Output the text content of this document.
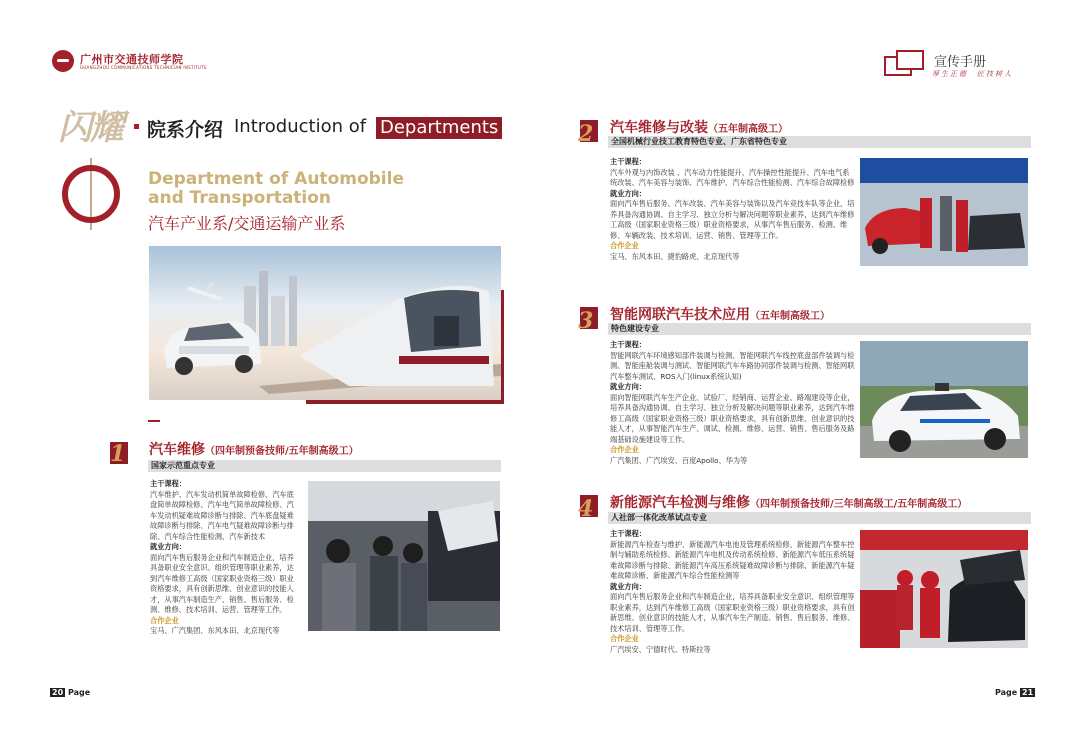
广州市交通技师学院
GUANGZHOU COMMUNICATIONS TECHNICIAN INSTITUTE	宣传手册
厚生正德　匠技树人
闪耀 院系介绍 Introduction of Departments
Department of Automobile
and Transportation
汽车产业系/交通运输产业系
1 汽车维修（四年制预备技师/五年制高级工）
国家示范重点专业
主干课程：
汽车维护、汽车发动机简单故障检修、汽车底盘简单故障检修、汽车电气简单故障检修、汽车发动机疑难故障诊断与排除、汽车底盘疑难故障诊断与排除、汽车电气疑难故障诊断与排除、汽车综合性能检测、汽车新技术
就业方向：
面向汽车售后服务企业和汽车制造企业，培养具备职业安全意识、组织管理等职业素养，达到汽车维修工高级（国家职业资格三级）职业资格要求，具有创新思维、创业意识的技能人才，从事汽车制造生产、销售、售后服务、检测、维修、技术培训、运营、管理等工作。
合作企业
宝马、广汽集团、东风本田、北京现代等
2 汽车维修与改装（五年制高级工）
全国机械行业技工教育特色专业、广东省特色专业
主干课程：
汽车外观与内饰改装 、汽车动力性能提升、汽车操控性能提升、汽车电气系统改装、汽车美容与装饰、汽车维护、汽车综合性能检测、汽车综合故障检修
就业方向：
面向汽车售后服务、汽车改装、汽车美容与装饰以及汽车竞技车队等企业，培养具备沟通协调、自主学习、独立分析与解决问题等职业素养，达到汽车维修工高级（国家职业资格三级）职业资格要求，从事汽车售后服务、检测、维修、车辆改装、技术培训、运营、销售、管理等工作。
合作企业
宝马、东风本田、捷豹路虎、北京现代等
3 智能网联汽车技术应用（五年制高级工）
特色建设专业
主干课程：
智能网联汽车环境感知部件装调与检测、智能网联汽车线控底盘部件装调与检测、智能座舱装调与测试、智能网联汽车车路协同部件装调与检测、智能网联汽车整车测试、ROS入门(linux系统认知)
就业方向：
面向智能网联汽车生产企业、试验厂、经销商、运营企业、路端建设等企业，培养具备沟通协调、自主学习、独立分析及解决问题等职业素养，达到汽车维修工高级（国家职业资格三级）职业资格要求，具有创新思维、创业意识的技能人才，从事智能汽车生产、调试、检测、维修、运营、销售、售后服务及路端基础设施建设等工作。
合作企业
广汽集团、广汽埃安、百度Apollo、华为等
4 新能源汽车检测与维修（四年制预备技师/三年制高级工/五年制高级工）
人社部一体化改革试点专业
主干课程：
新能源汽车检查与维护、新能源汽车电池及管理系统检修、新能源汽车整车控制与辅助系统检修、新能源汽车电机及传动系统检修、新能源汽车低压系统疑难故障诊断与排除、新能源汽车高压系统疑难故障诊断与排除、新能源汽车疑难故障诊断、新能源汽车综合性能检测等
就业方向：
面向汽车售后服务企业和汽车制造企业，培养具备职业安全意识、组织管理等职业素养，达到汽车维修工高级（国家职业资格三级）职业资格要求，具有创新思维、创业意识的技能人才，从事汽车生产制造、销售、售后服务、维修、技术培训、管理等工作。
合作企业
广汽埃安、宁德时代、特斯拉等
20 Page	Page 21
